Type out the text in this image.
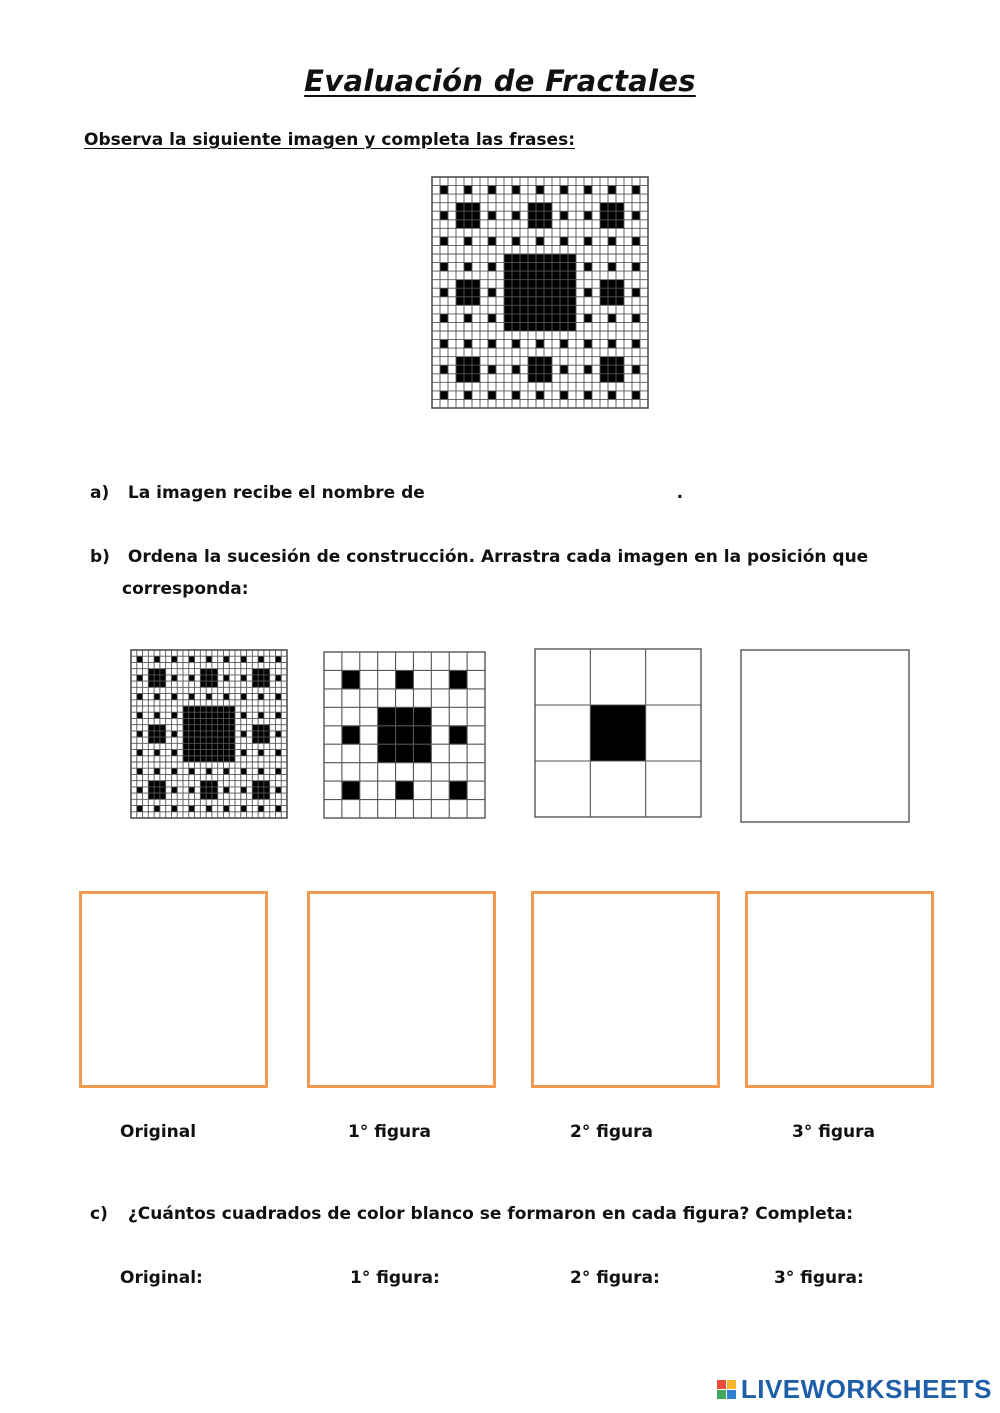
Evaluación de Fractales
Observa la siguiente imagen y completa las frases:
a) La imagen recibe el nombre de	.
b) Ordena la sucesión de construcción. Arrastra cada imagen en la posición que
corresponda:
Original	1° figura	2° figura	3° figura
c) ¿Cuántos cuadrados de color blanco se formaron en cada figura? Completa:
Original:	1° figura:	2° figura:	3° figura:
LIVEWORKSHEETS
